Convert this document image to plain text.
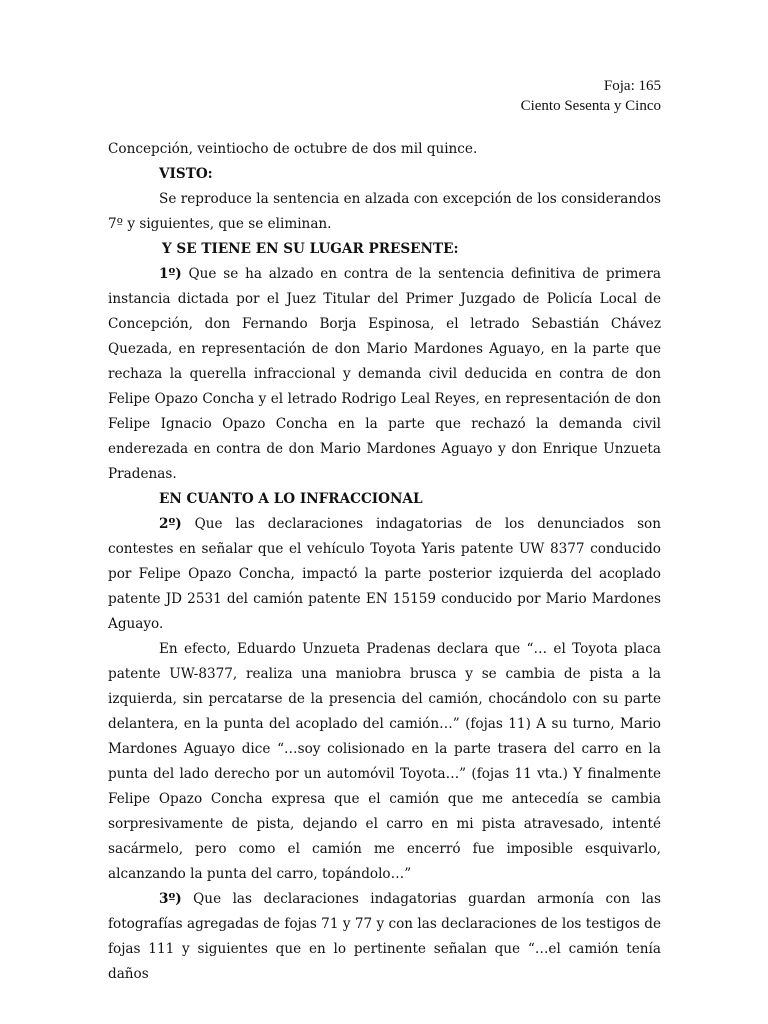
Foja: 165
Ciento Sesenta y Cinco

Concepción, veintiocho de octubre de dos mil quince.

VISTO:

Se reproduce la sentencia en alzada con excepción de los considerandos 7º y siguientes, que se eliminan.

Y SE TIENE EN SU LUGAR PRESENTE:

1º) Que se ha alzado en contra de la sentencia definitiva de primera instancia dictada por el Juez Titular del Primer Juzgado de Policía Local de Concepción, don Fernando Borja Espinosa, el letrado Sebastián Chávez Quezada, en representación de don Mario Mardones Aguayo, en la parte que rechaza la querella infraccional y demanda civil deducida en contra de don Felipe Opazo Concha y el letrado Rodrigo Leal Reyes, en representación de don Felipe Ignacio Opazo Concha en la parte que rechazó la demanda civil enderezada en contra de don Mario Mardones Aguayo y don Enrique Unzueta Pradenas.

EN CUANTO A LO INFRACCIONAL

2º) Que las declaraciones indagatorias de los denunciados son contestes en señalar que el vehículo Toyota Yaris patente UW 8377 conducido por Felipe Opazo Concha, impactó la parte posterior izquierda del acoplado patente JD 2531 del camión patente EN 15159 conducido por Mario Mardones Aguayo.

En efecto, Eduardo Unzueta Pradenas declara que “… el Toyota placa patente UW-8377, realiza una maniobra brusca y se cambia de pista a la izquierda, sin percatarse de la presencia del camión, chocándolo con su parte delantera, en la punta del acoplado del camión…” (fojas 11) A su turno, Mario Mardones Aguayo dice “…soy colisionado en la parte trasera del carro en la punta del lado derecho por un automóvil Toyota…” (fojas 11 vta.) Y finalmente Felipe Opazo Concha expresa que el camión que me antecedía se cambia sorpresivamente de pista, dejando el carro en mi pista atravesado, intenté sacármelo, pero como el camión me encerró fue imposible esquivarlo, alcanzando la punta del carro, topándolo…”

3º) Que las declaraciones indagatorias guardan armonía con las fotografías agregadas de fojas 71 y 77 y con las declaraciones de los testigos de fojas 111 y siguientes que en lo pertinente señalan que “…el camión tenía daños
